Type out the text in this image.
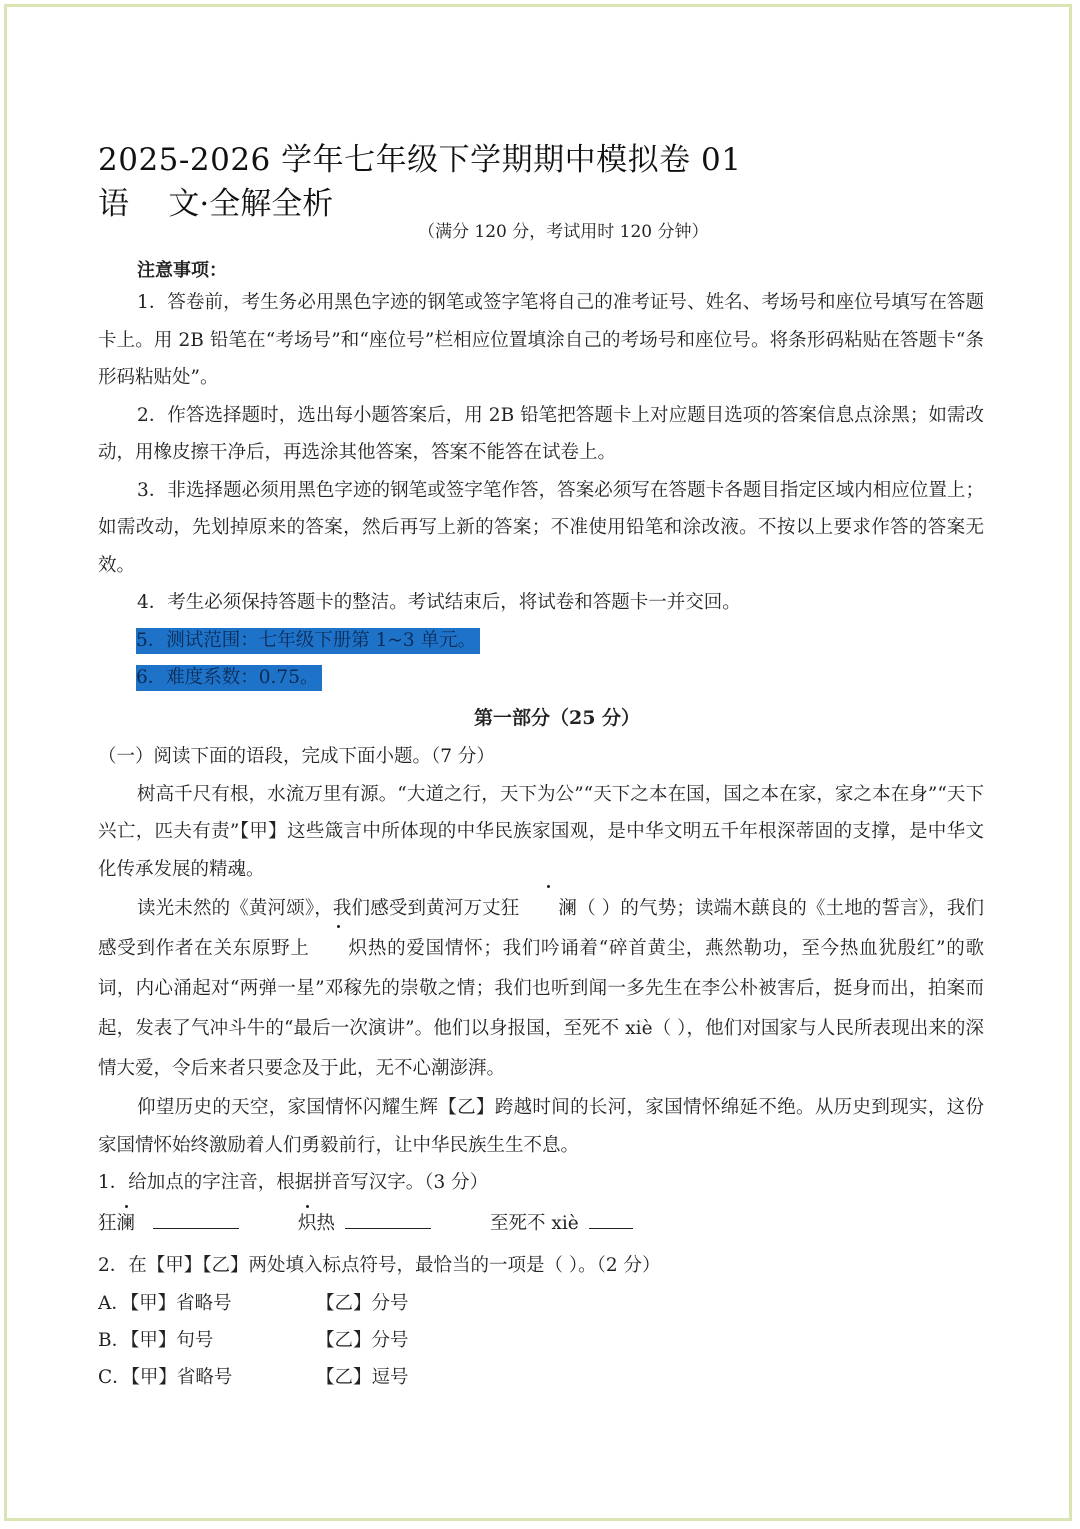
2025-2026 学年七年级下学期期中模拟卷 01
语    文·全解全析
（满分 120 分，考试用时 120 分钟）
注意事项：

1．答卷前，考生务必用黑色字迹的钢笔或签字笔将自己的准考证号、姓名、考场号和座位号填写在答题卡上。用 2B 铅笔在“考场号”和“座位号”栏相应位置填涂自己的考场号和座位号。将条形码粘贴在答题卡“条形码粘贴处”。

2．作答选择题时，选出每小题答案后，用 2B 铅笔把答题卡上对应题目选项的答案信息点涂黑；如需改动，用橡皮擦干净后，再选涂其他答案，答案不能答在试卷上。

3．非选择题必须用黑色字迹的钢笔或签字笔作答，答案必须写在答题卡各题目指定区域内相应位置上；如需改动，先划掉原来的答案，然后再写上新的答案；不准使用铅笔和涂改液。不按以上要求作答的答案无效。

4．考生必须保持答题卡的整洁。考试结束后，将试卷和答题卡一并交回。

5．测试范围：七年级下册第 1~3 单元。

6．难度系数：0.75。

第一部分（25 分）

（一）阅读下面的语段，完成下面小题。（7 分）

树高千尺有根，水流万里有源。“大道之行，天下为公”“天下之本在国，国之本在家，家之本在身”“天下兴亡，匹夫有责”【甲】这些箴言中所体现的中华民族家国观，是中华文明五千年根深蒂固的支撑，是中华文化传承发展的精魂。

读光未然的《黄河颂》，我们感受到黄河万丈狂 澜（ ）的气势；读端木蕻良的《土地的誓言》，我们感受到作者在关东原野上 炽热的爱国情怀；我们吟诵着“碎首黄尘，燕然勒功，至今热血犹殷红”的歌词，内心涌起对“两弹一星”邓稼先的崇敬之情；我们也听到闻一多先生在李公朴被害后，挺身而出，拍案而起，发表了气冲斗牛的“最后一次演讲”。他们以身报国，至死不 xiè（ ），他们对国家与人民所表现出来的深情大爱，令后来者只要念及于此，无不心潮澎湃。

仰望历史的天空，家国情怀闪耀生辉【乙】跨越时间的长河，家国情怀绵延不绝。从历史到现实，这份家国情怀始终激励着人们勇毅前行，让中华民族生生不息。

1．给加点的字注音，根据拼音写汉字。（3 分）

狂澜	炽热	至死不 xiè
2．在【甲】【乙】两处填入标点符号，最恰当的一项是（ ）。（2 分）
A．【甲】省略号	【乙】分号
B．【甲】句号	【乙】分号
C．【甲】省略号	【乙】逗号
